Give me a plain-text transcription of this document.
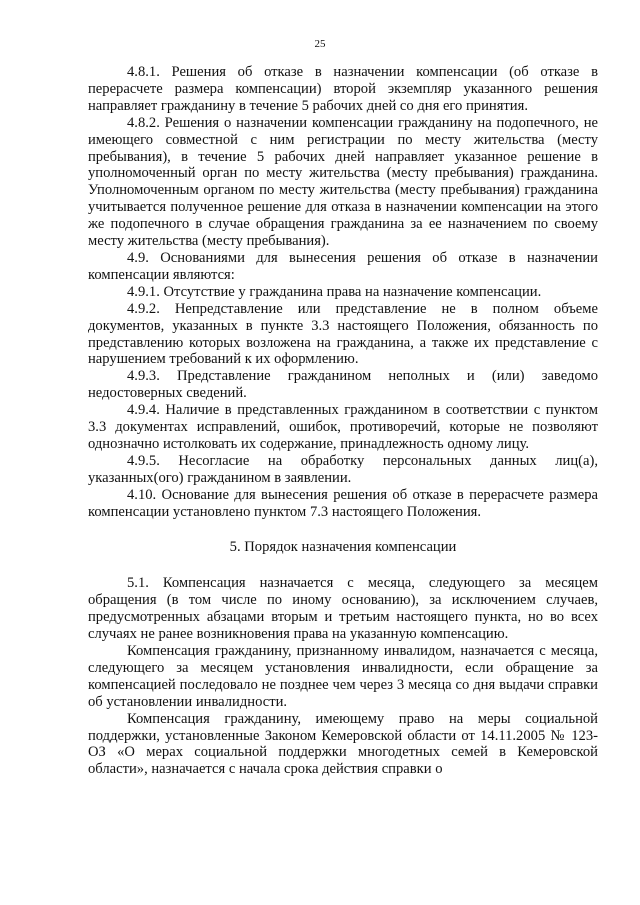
25

4.8.1. Решения об отказе в назначении компенсации (об отказе в перерасчете размера компенсации) второй экземпляр указанного решения направляет гражданину в течение 5 рабочих дней со дня его принятия.

4.8.2. Решения о назначении компенсации гражданину на подопечного, не имеющего совместной с ним регистрации по месту жительства (месту пребывания), в течение 5 рабочих дней направляет указанное решение в уполномоченный орган по месту жительства (месту пребывания) гражданина. Уполномоченным органом по месту жительства (месту пребывания) гражданина учитывается полученное решение для отказа в назначении компенсации на этого же подопечного в случае обращения гражданина за ее назначением по своему месту жительства (месту пребывания).

4.9. Основаниями для вынесения решения об отказе в назначении компенсации являются:

4.9.1. Отсутствие у гражданина права на назначение компенсации.

4.9.2. Непредставление или представление не в полном объеме документов, указанных в пункте 3.3 настоящего Положения, обязанность по представлению которых возложена на гражданина, а также их представление с нарушением требований к их оформлению.

4.9.3. Представление гражданином неполных и (или) заведомо недостоверных сведений.

4.9.4. Наличие в представленных гражданином в соответствии с пунктом 3.3 документах исправлений, ошибок, противоречий, которые не позволяют однозначно истолковать их содержание, принадлежность одному лицу.

4.9.5. Несогласие на обработку персональных данных лиц(а), указанных(ого) гражданином в заявлении.

4.10. Основание для вынесения решения об отказе в перерасчете размера компенсации установлено пунктом 7.3 настоящего Положения.

5. Порядок назначения компенсации

5.1. Компенсация назначается с месяца, следующего за месяцем обращения (в том числе по иному основанию), за исключением случаев, предусмотренных абзацами вторым и третьим настоящего пункта, но во всех случаях не ранее возникновения права на указанную компенсацию.

Компенсация гражданину, признанному инвалидом, назначается с месяца, следующего за месяцем установления инвалидности, если обращение за компенсацией последовало не позднее чем через 3 месяца со дня выдачи справки об установлении инвалидности.

Компенсация гражданину, имеющему право на меры социальной поддержки, установленные Законом Кемеровской области от 14.11.2005 № 123-ОЗ «О мерах социальной поддержки многодетных семей в Кемеровской области», назначается с начала срока действия справки о
